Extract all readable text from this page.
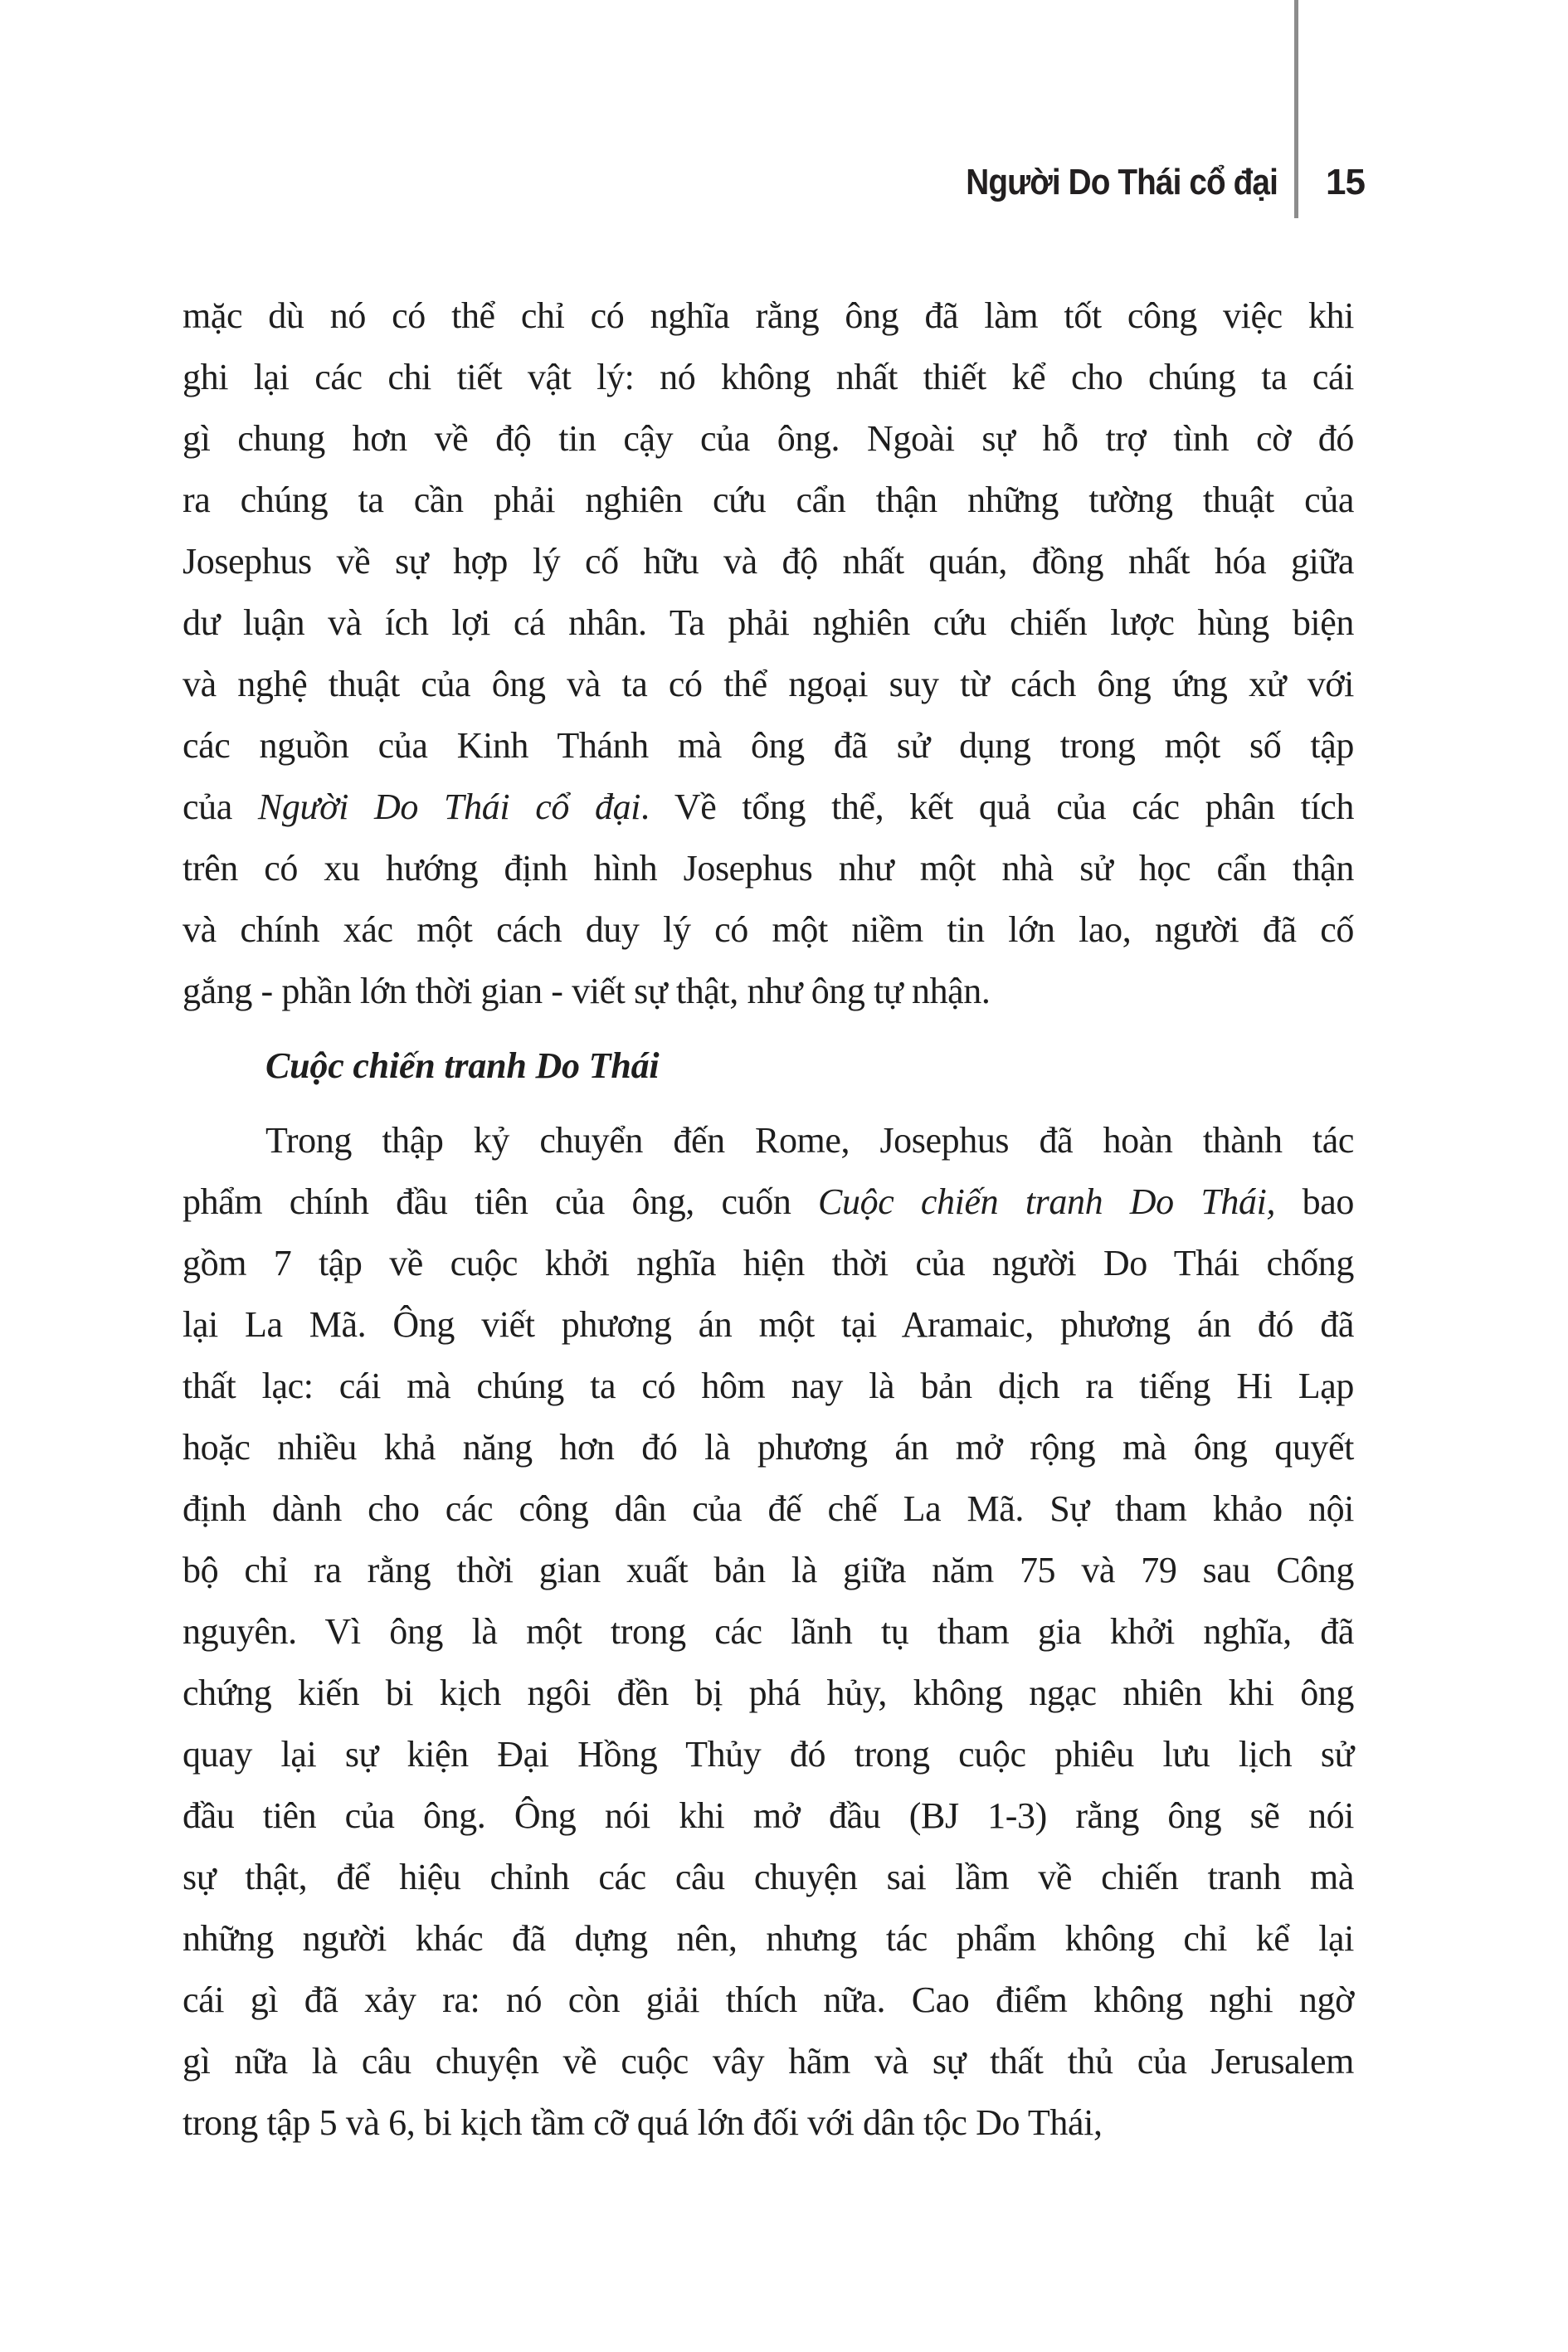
Người Do Thái cổ đại 15
mặc dù nó có thể chỉ có nghĩa rằng ông đã làm tốt công việc khi
ghi lại các chi tiết vật lý: nó không nhất thiết kể cho chúng ta cái
gì chung hơn về độ tin cậy của ông. Ngoài sự hỗ trợ tình cờ đó
ra chúng ta cần phải nghiên cứu cẩn thận những tường thuật của
Josephus về sự hợp lý cố hữu và độ nhất quán, đồng nhất hóa giữa
dư luận và ích lợi cá nhân. Ta phải nghiên cứu chiến lược hùng biện
và nghệ thuật của ông và ta có thể ngoại suy từ cách ông ứng xử với
các nguồn của Kinh Thánh mà ông đã sử dụng trong một số tập
của Người Do Thái cổ đại. Về tổng thể, kết quả của các phân tích
trên có xu hướng định hình Josephus như một nhà sử học cẩn thận
và chính xác một cách duy lý có một niềm tin lớn lao, người đã cố
gắng - phần lớn thời gian - viết sự thật, như ông tự nhận.
Cuộc chiến tranh Do Thái
Trong thập kỷ chuyển đến Rome, Josephus đã hoàn thành tác
phẩm chính đầu tiên của ông, cuốn Cuộc chiến tranh Do Thái, bao
gồm 7 tập về cuộc khởi nghĩa hiện thời của người Do Thái chống
lại La Mã. Ông viết phương án một tại Aramaic, phương án đó đã
thất lạc: cái mà chúng ta có hôm nay là bản dịch ra tiếng Hi Lạp
hoặc nhiều khả năng hơn đó là phương án mở rộng mà ông quyết
định dành cho các công dân của đế chế La Mã. Sự tham khảo nội
bộ chỉ ra rằng thời gian xuất bản là giữa năm 75 và 79 sau Công
nguyên. Vì ông là một trong các lãnh tụ tham gia khởi nghĩa, đã
chứng kiến bi kịch ngôi đền bị phá hủy, không ngạc nhiên khi ông
quay lại sự kiện Đại Hồng Thủy đó trong cuộc phiêu lưu lịch sử
đầu tiên của ông. Ông nói khi mở đầu (BJ 1-3) rằng ông sẽ nói
sự thật, để hiệu chỉnh các câu chuyện sai lầm về chiến tranh mà
những người khác đã dựng nên, nhưng tác phẩm không chỉ kể lại
cái gì đã xảy ra: nó còn giải thích nữa. Cao điểm không nghi ngờ
gì nữa là câu chuyện về cuộc vây hãm và sự thất thủ của Jerusalem
trong tập 5 và 6, bi kịch tầm cỡ quá lớn đối với dân tộc Do Thái,
